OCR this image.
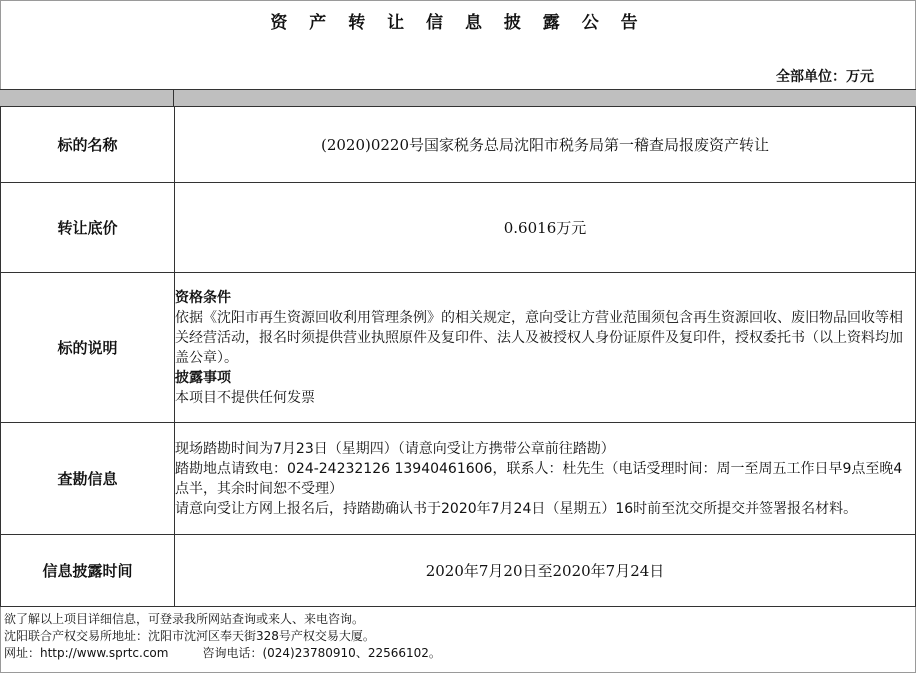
资 产 转 让 信 息 披 露 公 告
全部单位：万元
标的名称	(2020)0220号国家税务总局沈阳市税务局第一稽查局报废资产转让
转让底价	0.6016万元
标的说明	资格条件
依据《沈阳市再生资源回收利用管理条例》的相关规定，意向受让方营业范围须包含再生资源回收、废旧物品回收等相关经营活动，报名时须提供营业执照原件及复印件、法人及被授权人身份证原件及复印件，授权委托书（以上资料均加盖公章）。
披露事项
本项目不提供任何发票

查勘信息	现场踏勘时间为7月23日（星期四）（请意向受让方携带公章前往踏勘）
踏勘地点请致电：024-24232126 13940461606，联系人：杜先生（电话受理时间：周一至周五工作日早9点至晚4点半，其余时间恕不受理）
请意向受让方网上报名后，持踏勘确认书于2020年7月24日（星期五）16时前至沈交所提交并签署报名材料。

信息披露时间	2020年7月20日至2020年7月24日
欲了解以上项目详细信息，可登录我所网站查询或来人、来电咨询。
沈阳联合产权交易所地址：沈阳市沈河区奉天街328号产权交易大厦。
网址：http://www.sprtc.com	咨询电话：(024)23780910、22566102。
